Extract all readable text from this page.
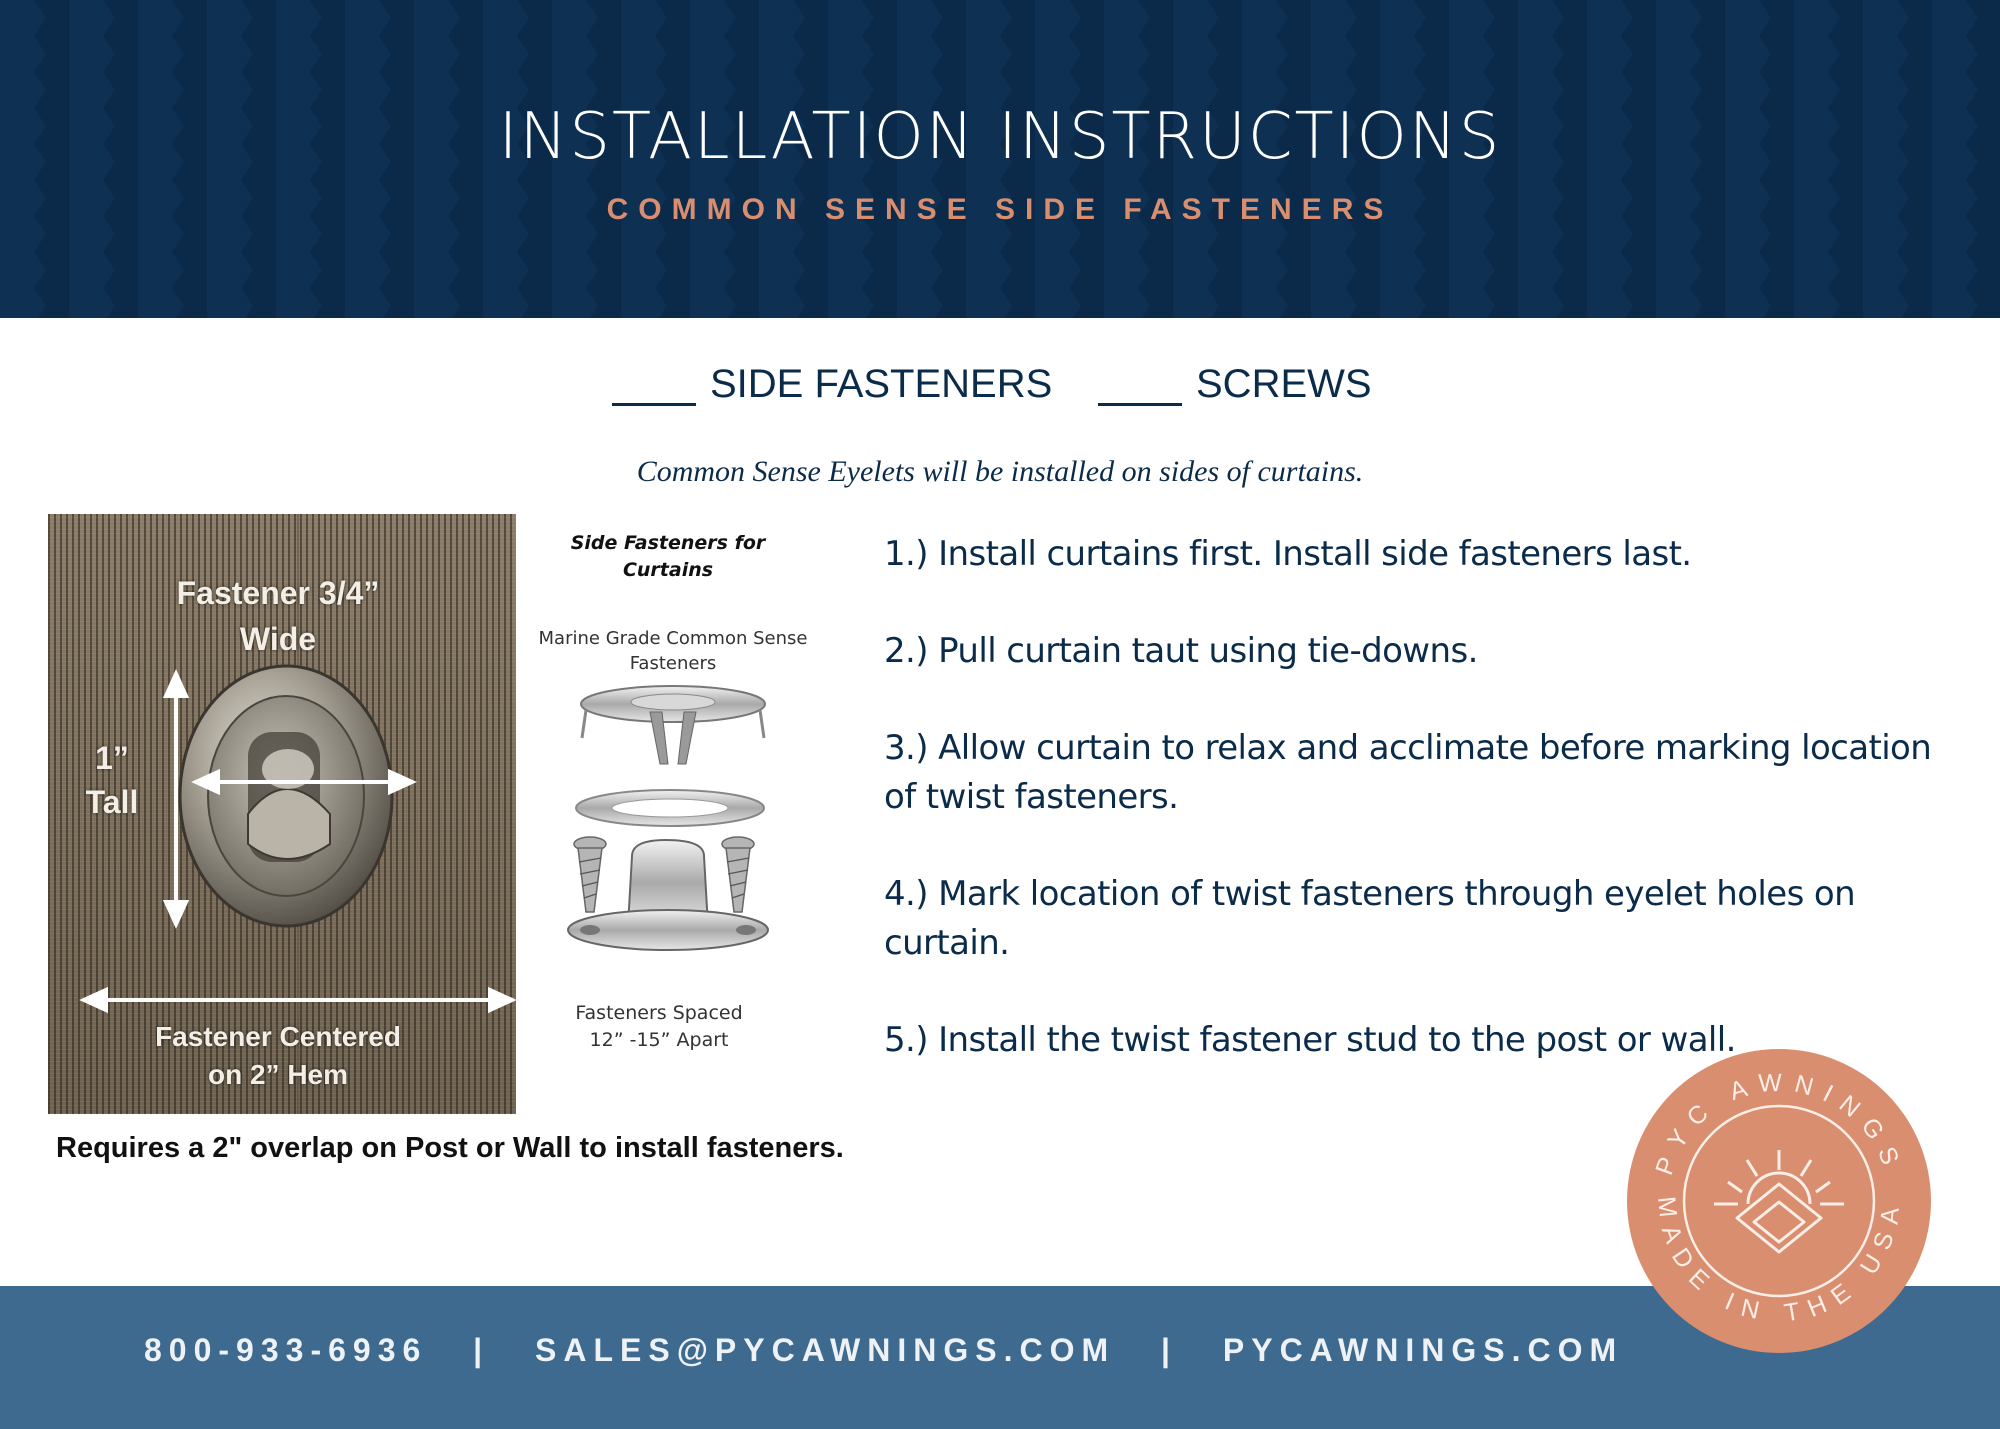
INSTALLATION INSTRUCTIONS
COMMON SENSE SIDE FASTENERS
SIDE FASTENERS	SCREWS
Common Sense Eyelets will be installed on sides of curtains.
Fastener 3/4”
Wide
1”
Tall
Fastener Centered
on 2” Hem
Side Fasteners for
Curtains
Marine Grade Common Sense
Fasteners
Fasteners Spaced
12” -15” Apart
Requires a 2" overlap on Post or Wall to install fasteners.
1.) Install curtains first. Install side fasteners last.
2.) Pull curtain taut using tie-downs.
3.) Allow curtain to relax and acclimate before marking location of twist fasteners.
4.) Mark location of twist fasteners through eyelet holes on curtain.
5.) Install the twist fastener stud to the post or wall.
800-933-6936 | SALES@PYCAWNINGS.COM | PYCAWNINGS.COM
PYC AWNINGS
MADE IN THE USA
